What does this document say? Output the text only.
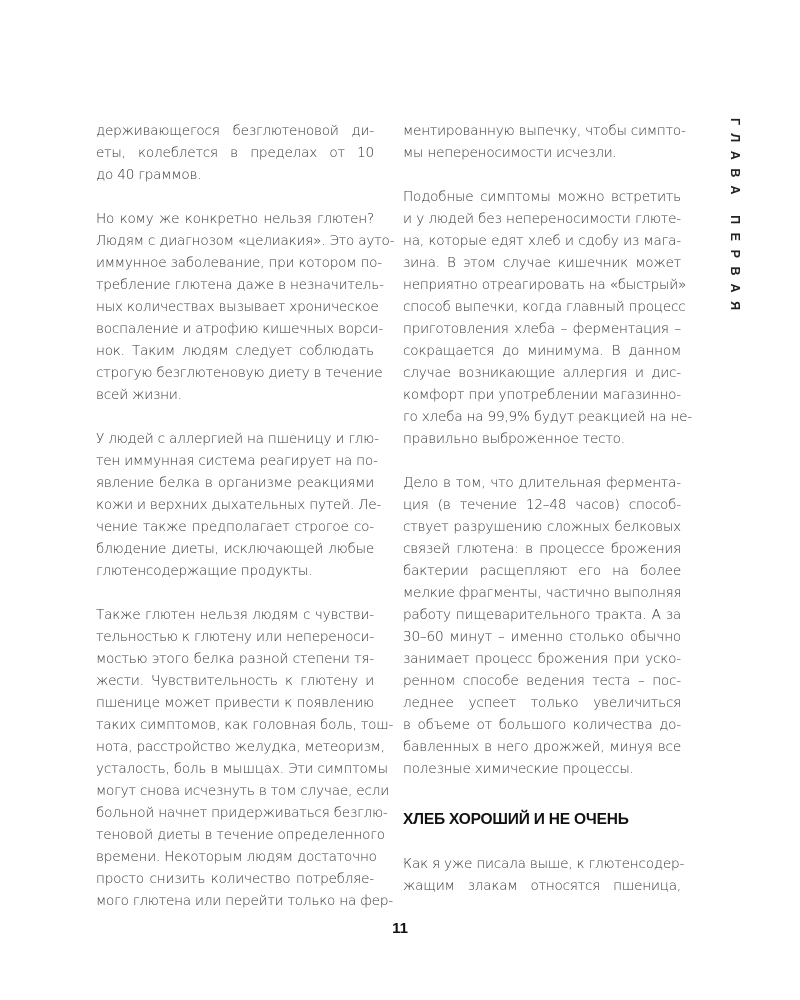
ГЛАВА ПЕРВАЯ
держивающегося безглютеновой ди-
еты, колеблется в пределах от 10
до 40 граммов.
Но кому же конкретно нельзя глютен?
Людям с диагнозом «целиакия». Это ауто-
иммунное заболевание, при котором по-
требление глютена даже в незначитель-
ных количествах вызывает хроническое
воспаление и атрофию кишечных ворси-
нок. Таким людям следует соблюдать
строгую безглютеновую диету в течение
всей жизни.
У людей с аллергией на пшеницу и глю-
тен иммунная система реагирует на по-
явление белка в организме реакциями
кожи и верхних дыхательных путей. Ле-
чение также предполагает строгое со-
блюдение диеты, исключающей любые
глютенсодержащие продукты.
Также глютен нельзя людям с чувстви-
тельностью к глютену или непереноси-
мостью этого белка разной степени тя-
жести. Чувствительность к глютену и
пшенице может привести к появлению
таких симптомов, как головная боль, тош-
нота, расстройство желудка, метеоризм,
усталость, боль в мышцах. Эти симптомы
могут снова исчезнуть в том случае, если
больной начнет придерживаться безглю-
теновой диеты в течение определенного
времени. Некоторым людям достаточно
просто снизить количество потребляе-
мого глютена или перейти только на фер-
ментированную выпечку, чтобы симпто-
мы непереносимости исчезли.
Подобные симптомы можно встретить
и у людей без непереносимости глюте-
на, которые едят хлеб и сдобу из мага-
зина. В этом случае кишечник может
неприятно отреагировать на «быстрый»
способ выпечки, когда главный процесс
приготовления хлеба – ферментация –
сокращается до минимума. В данном
случае возникающие аллергия и дис-
комфорт при употреблении магазинно-
го хлеба на 99,9% будут реакцией на не-
правильно выброженное тесто.
Дело в том, что длительная фермента-
ция (в течение 12–48 часов) способ-
ствует разрушению сложных белковых
связей глютена: в процессе брожения
бактерии расщепляют его на более
мелкие фрагменты, частично выполняя
работу пищеварительного тракта. А за
30–60 минут – именно столько обычно
занимает процесс брожения при уско-
ренном способе ведения теста – пос-
леднее успеет только увеличиться
в объеме от большого количества до-
бавленных в него дрожжей, минуя все
полезные химические процессы.
ХЛЕБ ХОРОШИЙ И НЕ ОЧЕНЬ
Как я уже писала выше, к глютенсодер-
жащим злакам относятся пшеница,
11
